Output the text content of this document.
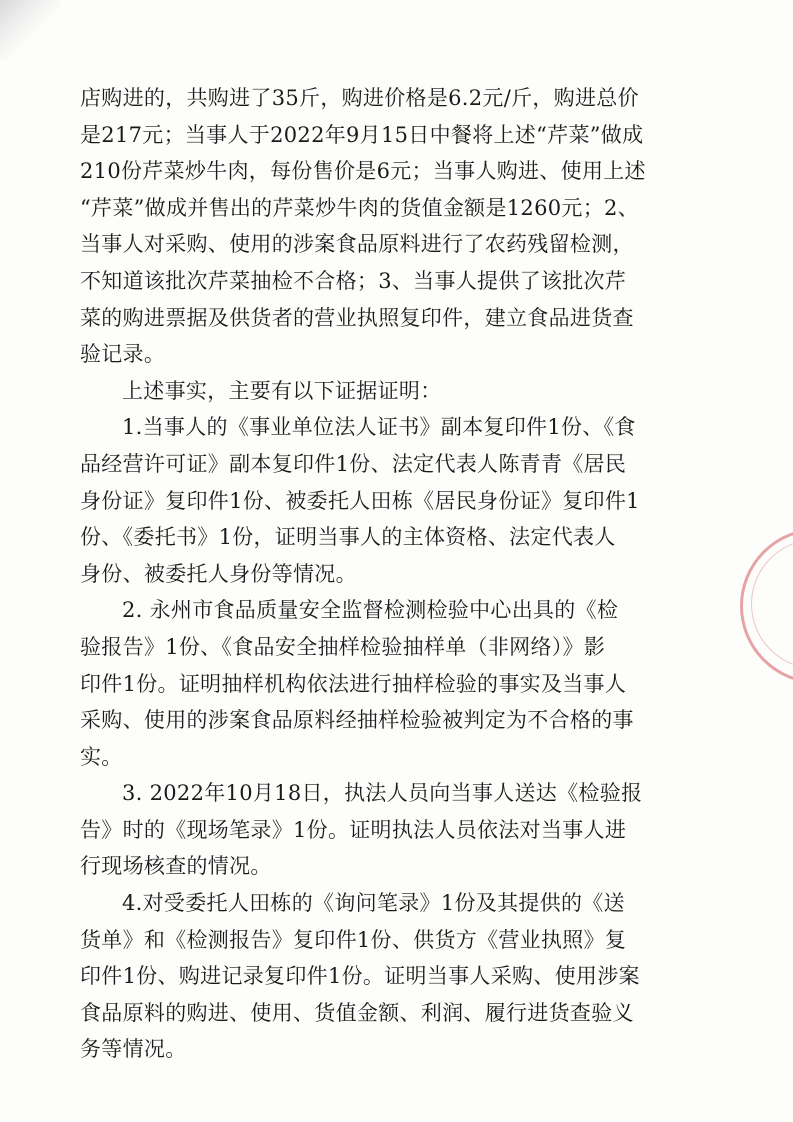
店购进的，共购进了35斤，购进价格是6.2元/斤，购进总价
是217元；当事人于2022年9月15日中餐将上述“芹菜”做成
210份芹菜炒牛肉，每份售价是6元；当事人购进、使用上述
“芹菜”做成并售出的芹菜炒牛肉的货值金额是1260元；2、
当事人对采购、使用的涉案食品原料进行了农药残留检测，
不知道该批次芹菜抽检不合格；3、当事人提供了该批次芹
菜的购进票据及供货者的营业执照复印件，建立食品进货查
验记录。
上述事实，主要有以下证据证明：
1.当事人的《事业单位法人证书》副本复印件1份、《食
品经营许可证》副本复印件1份、法定代表人陈青青《居民
身份证》复印件1份、被委托人田栋《居民身份证》复印件1
份、《委托书》1份，证明当事人的主体资格、法定代表人
身份、被委托人身份等情况。
2. 永州市食品质量安全监督检测检验中心出具的《检
验报告》1份、《食品安全抽样检验抽样单（非网络）》影
印件1份。证明抽样机构依法进行抽样检验的事实及当事人
采购、使用的涉案食品原料经抽样检验被判定为不合格的事
实。
3. 2022年10月18日，执法人员向当事人送达《检验报
告》时的《现场笔录》1份。证明执法人员依法对当事人进
行现场核查的情况。
4.对受委托人田栋的《询问笔录》1份及其提供的《送
货单》和《检测报告》复印件1份、供货方《营业执照》复
印件1份、购进记录复印件1份。证明当事人采购、使用涉案
食品原料的购进、使用、货值金额、利润、履行进货查验义
务等情况。
